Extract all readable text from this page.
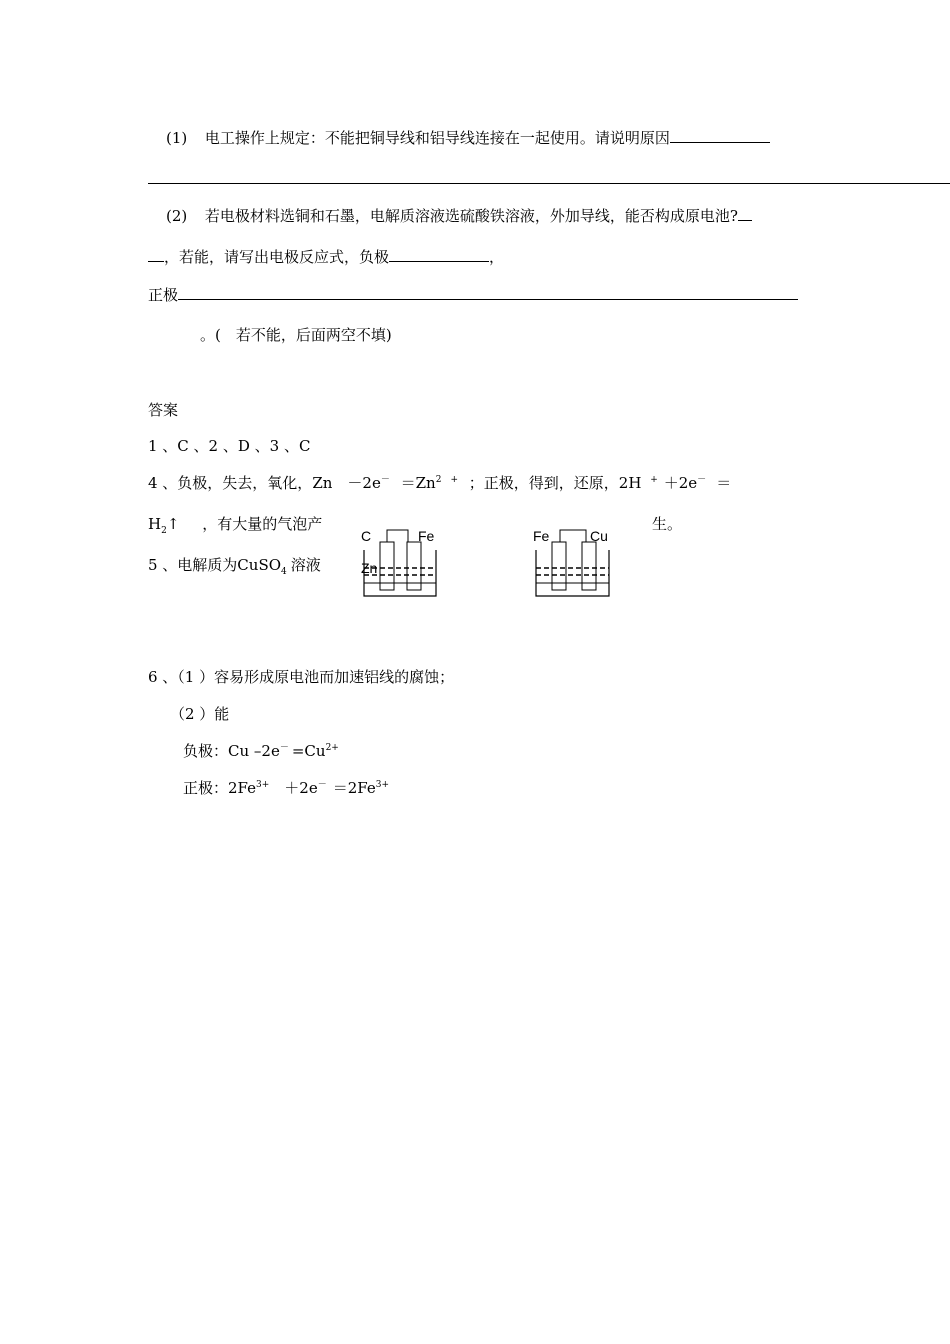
(1) 电工操作上规定：不能把铜导线和铝导线连接在一起使用。请说明原因
(2) 若电极材料选铜和石墨，电解质溶液选硫酸铁溶液，外加导线，能否构成原电池?
，若能，请写出电极反应式，负极	，
正极
。(　若不能，后面两空不填)
答案
1 、C 、2 、D 、3 、C
4 、负极，失去，氧化，Zn　$-2e^- =Zn^{2 +}$ ；正极，得到，还原，2H + ＋2e－ ＝
$H_2↑$ ，有大量的气泡产	生。
5 、电解质为CuSO$_4$ 溶液
C	Fe
Zn
Fe	Cu
6 、（1 ）容易形成原电池而加速铝线的腐蚀；
（2 ）能
负极：Cu $-2e^- =Cu^{2+}$
正极：$2Fe^{3+}$　$+2e^- =2Fe^{3+}$
